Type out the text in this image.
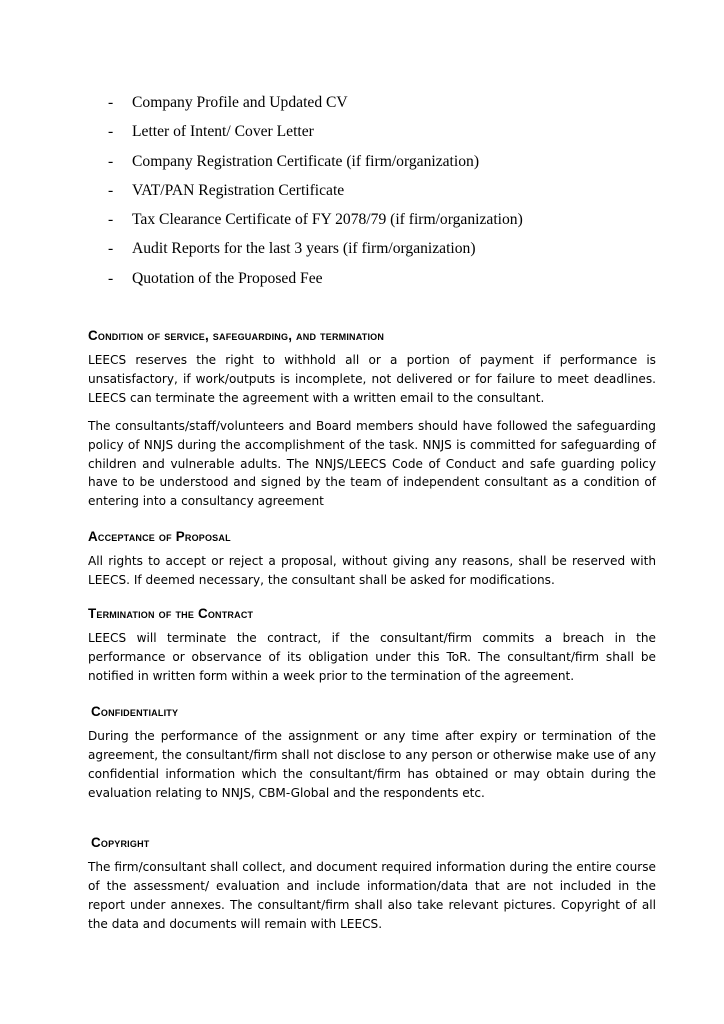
- Company Profile and Updated CV
- Letter of Intent/ Cover Letter
- Company Registration Certificate (if firm/organization)
- VAT/PAN Registration Certificate
- Tax Clearance Certificate of FY 2078/79 (if firm/organization)
- Audit Reports for the last 3 years (if firm/organization)
- Quotation of the Proposed Fee
Condition of service, safeguarding, and termination

LEECS reserves the right to withhold all or a portion of payment if performance is unsatisfactory, if work/outputs is incomplete, not delivered or for failure to meet deadlines. LEECS can terminate the agreement with a written email to the consultant.

The consultants/staff/volunteers and Board members should have followed the safeguarding policy of NNJS during the accomplishment of the task. NNJS is committed for safeguarding of children and vulnerable adults. The NNJS/LEECS Code of Conduct and safe guarding policy have to be understood and signed by the team of independent consultant as a condition of entering into a consultancy agreement

Acceptance of Proposal

All rights to accept or reject a proposal, without giving any reasons, shall be reserved with LEECS. If deemed necessary, the consultant shall be asked for modifications.

Termination of the Contract

LEECS will terminate the contract, if the consultant/firm commits a breach in the performance or observance of its obligation under this ToR. The consultant/firm shall be notified in written form within a week prior to the termination of the agreement.

Confidentiality

During the performance of the assignment or any time after expiry or termination of the agreement, the consultant/firm shall not disclose to any person or otherwise make use of any confidential information which the consultant/firm has obtained or may obtain during the evaluation relating to NNJS, CBM-Global and the respondents etc.

Copyright

The firm/consultant shall collect, and document required information during the entire course of the assessment/ evaluation and include information/data that are not included in the report under annexes. The consultant/firm shall also take relevant pictures. Copyright of all the data and documents will remain with LEECS.
